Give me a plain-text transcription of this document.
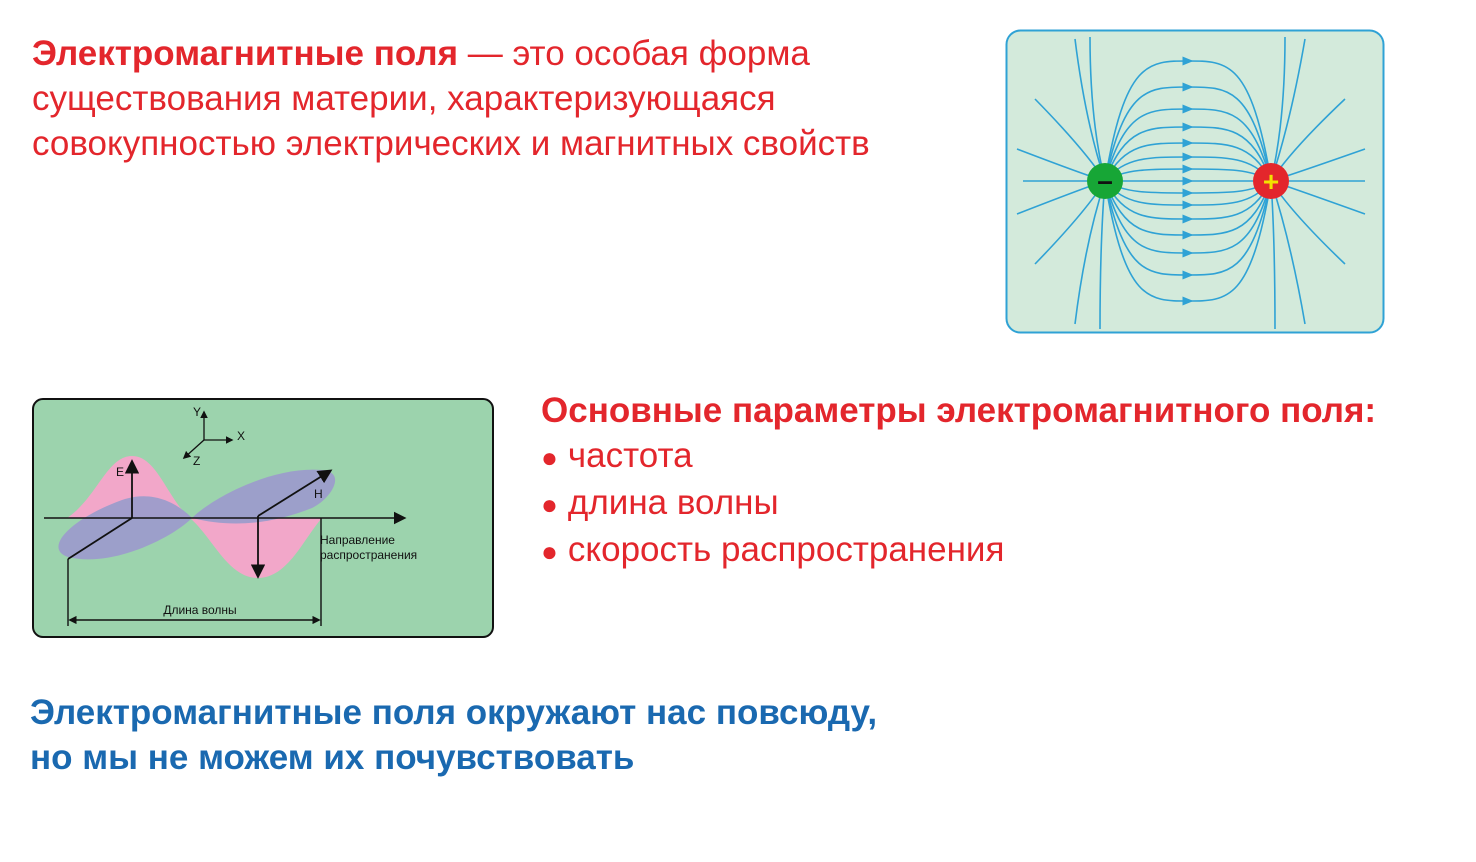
Электромагнитные поля — это особая форма существования материи, характеризующаяся совокупностью электрических и магнитных свойств
Основные параметры электромагнитного поля:
● частота
● длина волны
● скорость распространения
Электромагнитные поля окружают нас повсюду,
но мы не можем их почувствовать
–	+
Длина волны
Y
X
Z
E
H
Направление
распространения
